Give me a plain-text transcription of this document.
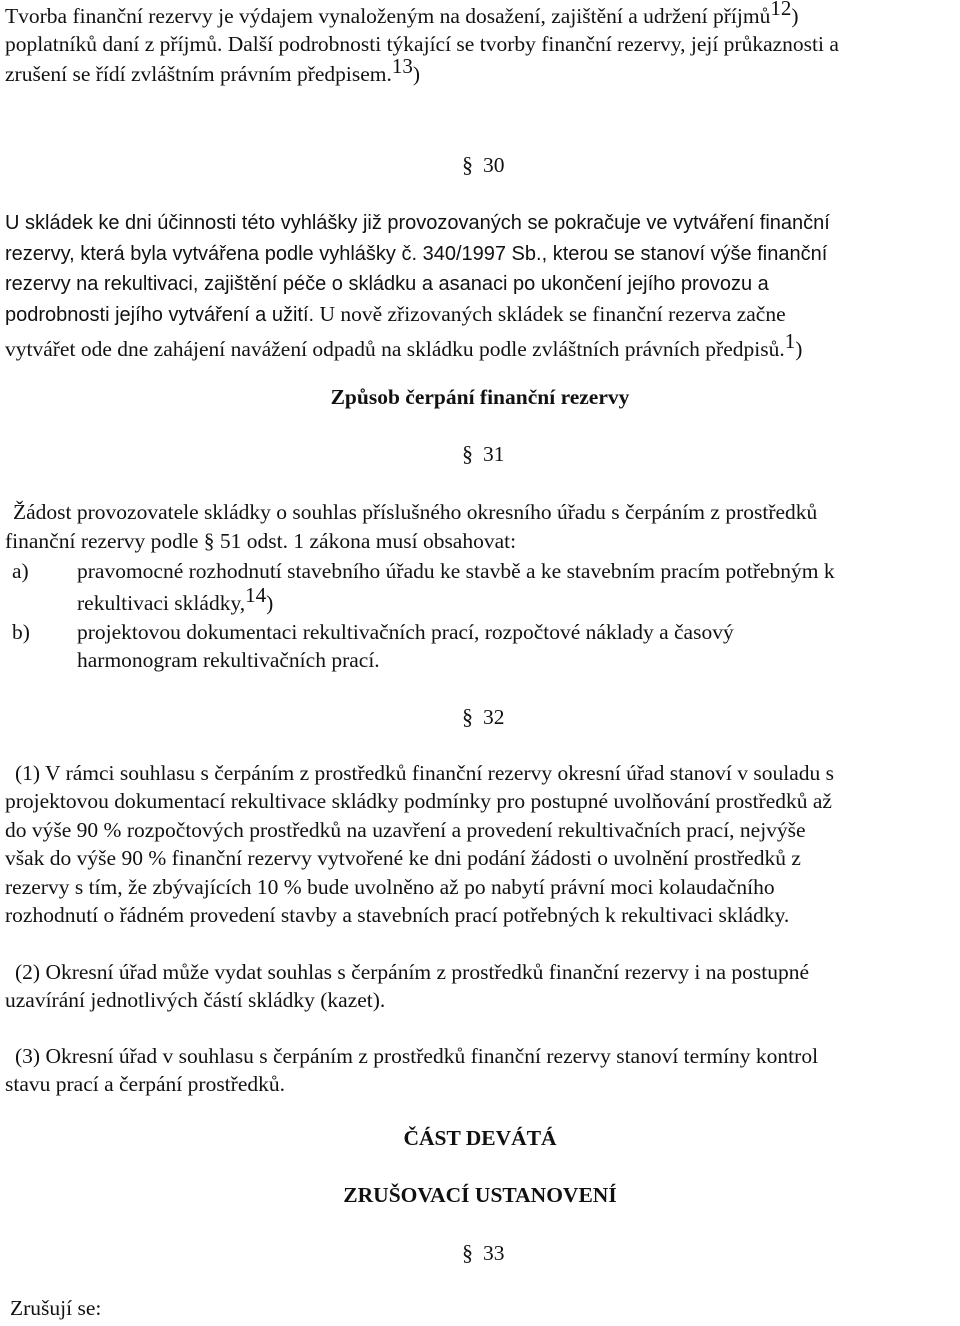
Tvorba finanční rezervy je výdajem vynaloženým na dosažení, zajištění a udržení příjmů12)
poplatníků daní z příjmů. Další podrobnosti týkající se tvorby finanční rezervy, její průkaznosti a
zrušení se řídí zvláštním právním předpisem.13)
§ 30
U skládek ke dni účinnosti této vyhlášky již provozovaných se pokračuje ve vytváření finanční
rezervy, která byla vytvářena podle vyhlášky č. 340/1997 Sb., kterou se stanoví výše finanční
rezervy na rekultivaci, zajištění péče o skládku a asanaci po ukončení jejího provozu a
podrobnosti jejího vytváření a užití. U nově zřizovaných skládek se finanční rezerva začne
vytvářet ode dne zahájení navážení odpadů na skládku podle zvláštních právních předpisů.1)
Způsob čerpání finanční rezervy
§ 31
Žádost provozovatele skládky o souhlas příslušného okresního úřadu s čerpáním z prostředků
finanční rezervy podle § 51 odst. 1 zákona musí obsahovat:
a) pravomocné rozhodnutí stavebního úřadu ke stavbě a ke stavebním pracím potřebným k
rekultivaci skládky,14)
b) projektovou dokumentaci rekultivačních prací, rozpočtové náklady a časový
harmonogram rekultivačních prací.
§ 32
(1) V rámci souhlasu s čerpáním z prostředků finanční rezervy okresní úřad stanoví v souladu s
projektovou dokumentací rekultivace skládky podmínky pro postupné uvolňování prostředků až
do výše 90 % rozpočtových prostředků na uzavření a provedení rekultivačních prací, nejvýše
však do výše 90 % finanční rezervy vytvořené ke dni podání žádosti o uvolnění prostředků z
rezervy s tím, že zbývajících 10 % bude uvolněno až po nabytí právní moci kolaudačního
rozhodnutí o řádném provedení stavby a stavebních prací potřebných k rekultivaci skládky.
(2) Okresní úřad může vydat souhlas s čerpáním z prostředků finanční rezervy i na postupné
uzavírání jednotlivých částí skládky (kazet).
(3) Okresní úřad v souhlasu s čerpáním z prostředků finanční rezervy stanoví termíny kontrol
stavu prací a čerpání prostředků.
ČÁST DEVÁTÁ
ZRUŠOVACÍ USTANOVENÍ
§ 33
Zrušují se:
